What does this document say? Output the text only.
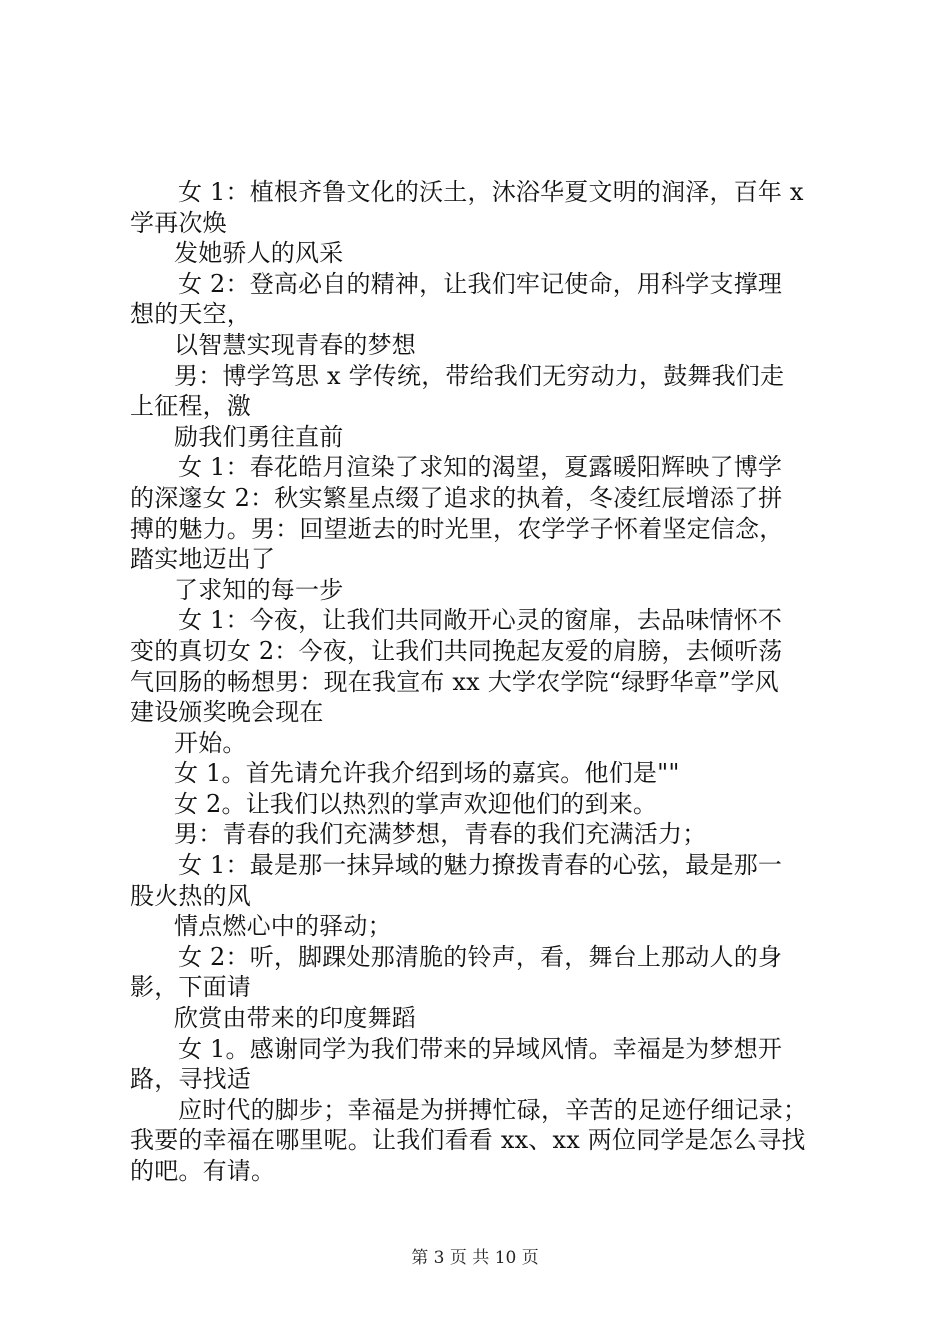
女 1：植根齐鲁文化的沃土，沐浴华夏文明的润泽，百年 x
学再次焕
发她骄人的风采
女 2：登高必自的精神，让我们牢记使命，用科学支撑理
想的天空，
以智慧实现青春的梦想
男：博学笃思 x 学传统，带给我们无穷动力，鼓舞我们走
上征程，激
励我们勇往直前
女 1：春花皓月渲染了求知的渴望，夏露暖阳辉映了博学
的深邃女 2：秋实繁星点缀了追求的执着，冬凌红辰增添了拼
搏的魅力。男：回望逝去的时光里，农学学子怀着坚定信念，
踏实地迈出了
了求知的每一步
女 1：今夜，让我们共同敞开心灵的窗扉，去品味情怀不
变的真切女 2：今夜，让我们共同挽起友爱的肩膀，去倾听荡
气回肠的畅想男：现在我宣布 xx 大学农学院“绿野华章”学风
建设颁奖晚会现在
开始。
女 1。首先请允许我介绍到场的嘉宾。他们是""
女 2。让我们以热烈的掌声欢迎他们的到来。
男：青春的我们充满梦想，青春的我们充满活力；
女 1：最是那一抹异域的魅力撩拨青春的心弦，最是那一
股火热的风
情点燃心中的驿动；
女 2：听，脚踝处那清脆的铃声，看，舞台上那动人的身
影，下面请
欣赏由带来的印度舞蹈
女 1。感谢同学为我们带来的异域风情。幸福是为梦想开
路，寻找适
应时代的脚步；幸福是为拼搏忙碌，辛苦的足迹仔细记录；
我要的幸福在哪里呢。让我们看看 xx、xx 两位同学是怎么寻找
的吧。有请。
第 3 页 共 10 页
